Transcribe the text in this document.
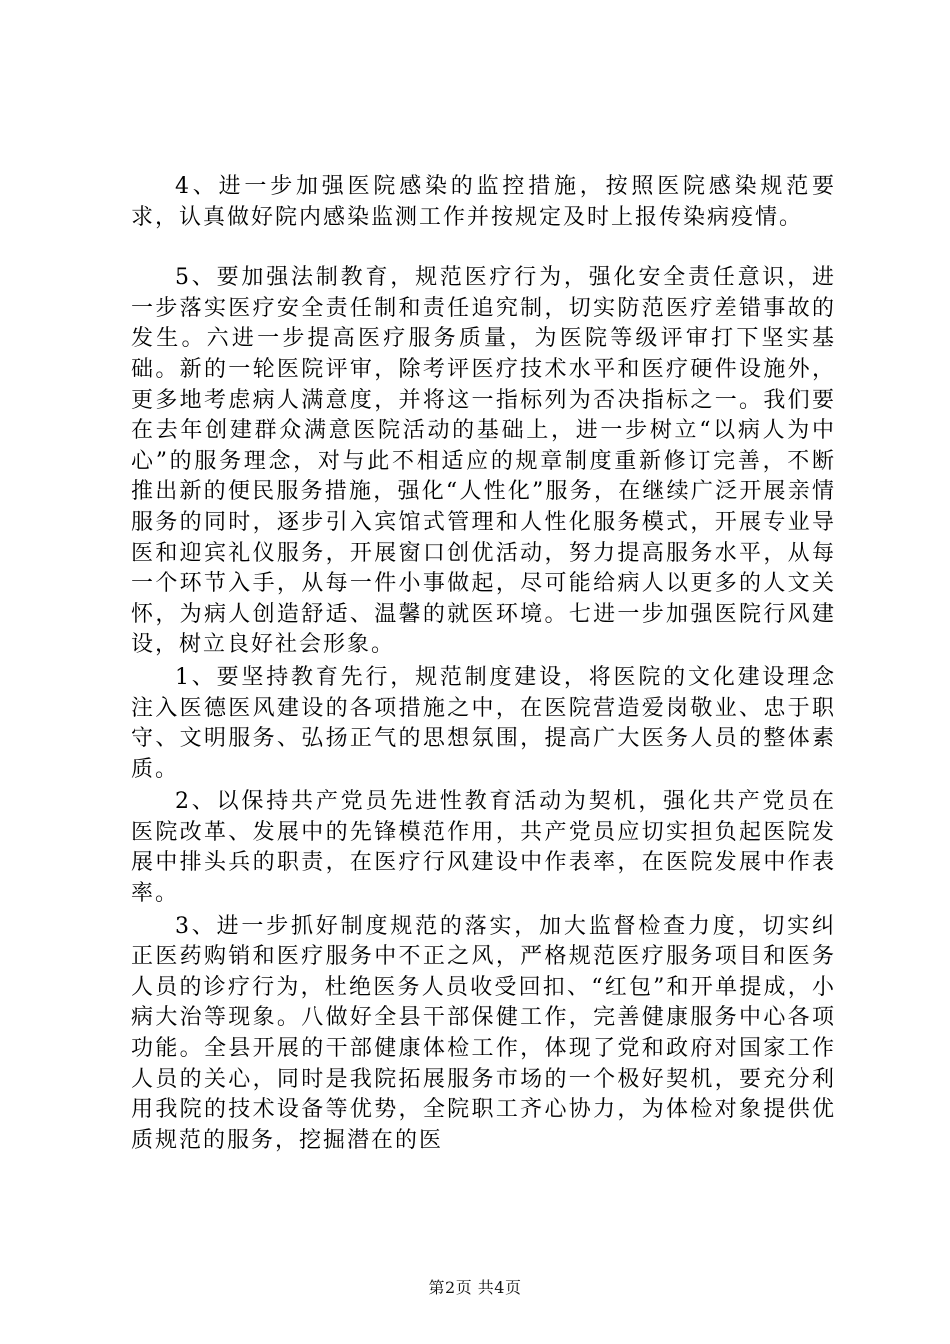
4、进一步加强医院感染的监控措施，按照医院感染规范要求，认真做好院内感染监测工作并按规定及时上报传染病疫情。

5、要加强法制教育，规范医疗行为，强化安全责任意识，进一步落实医疗安全责任制和责任追究制，切实防范医疗差错事故的发生。六进一步提高医疗服务质量，为医院等级评审打下坚实基础。新的一轮医院评审，除考评医疗技术水平和医疗硬件设施外，更多地考虑病人满意度，并将这一指标列为否决指标之一。我们要在去年创建群众满意医院活动的基础上，进一步树立“以病人为中心”的服务理念，对与此不相适应的规章制度重新修订完善，不断推出新的便民服务措施，强化“人性化”服务，在继续广泛开展亲情服务的同时，逐步引入宾馆式管理和人性化服务模式，开展专业导医和迎宾礼仪服务，开展窗口创优活动，努力提高服务水平，从每一个环节入手，从每一件小事做起，尽可能给病人以更多的人文关怀，为病人创造舒适、温馨的就医环境。七进一步加强医院行风建设，树立良好社会形象。

1、要坚持教育先行，规范制度建设，将医院的文化建设理念注入医德医风建设的各项措施之中，在医院营造爱岗敬业、忠于职守、文明服务、弘扬正气的思想氛围，提高广大医务人员的整体素质。

2、以保持共产党员先进性教育活动为契机，强化共产党员在医院改革、发展中的先锋模范作用，共产党员应切实担负起医院发展中排头兵的职责，在医疗行风建设中作表率，在医院发展中作表率。

3、进一步抓好制度规范的落实，加大监督检查力度，切实纠正医药购销和医疗服务中不正之风，严格规范医疗服务项目和医务人员的诊疗行为，杜绝医务人员收受回扣、“红包”和开单提成，小病大治等现象。八做好全县干部保健工作，完善健康服务中心各项功能。全县开展的干部健康体检工作，体现了党和政府对国家工作人员的关心，同时是我院拓展服务市场的一个极好契机，要充分利用我院的技术设备等优势，全院职工齐心协力，为体检对象提供优质规范的服务，挖掘潜在的医

第2页 共4页
